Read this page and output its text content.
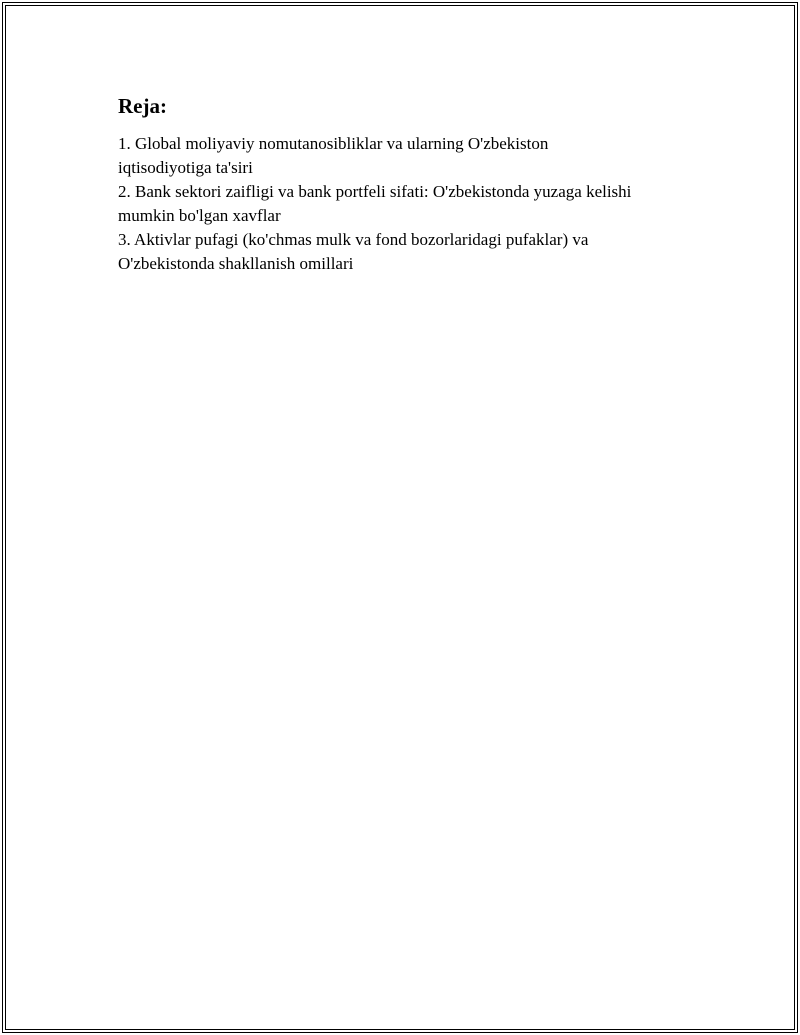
Reja:
1. Global moliyaviy nomutanosibliklar va ularning O'zbekiston
iqtisodiyotiga ta'siri
2. Bank sektori zaifligi va bank portfeli sifati: O'zbekistonda yuzaga kelishi
mumkin bo'lgan xavflar
3. Aktivlar pufagi (ko'chmas mulk va fond bozorlaridagi pufaklar) va
O'zbekistonda shakllanish omillari
